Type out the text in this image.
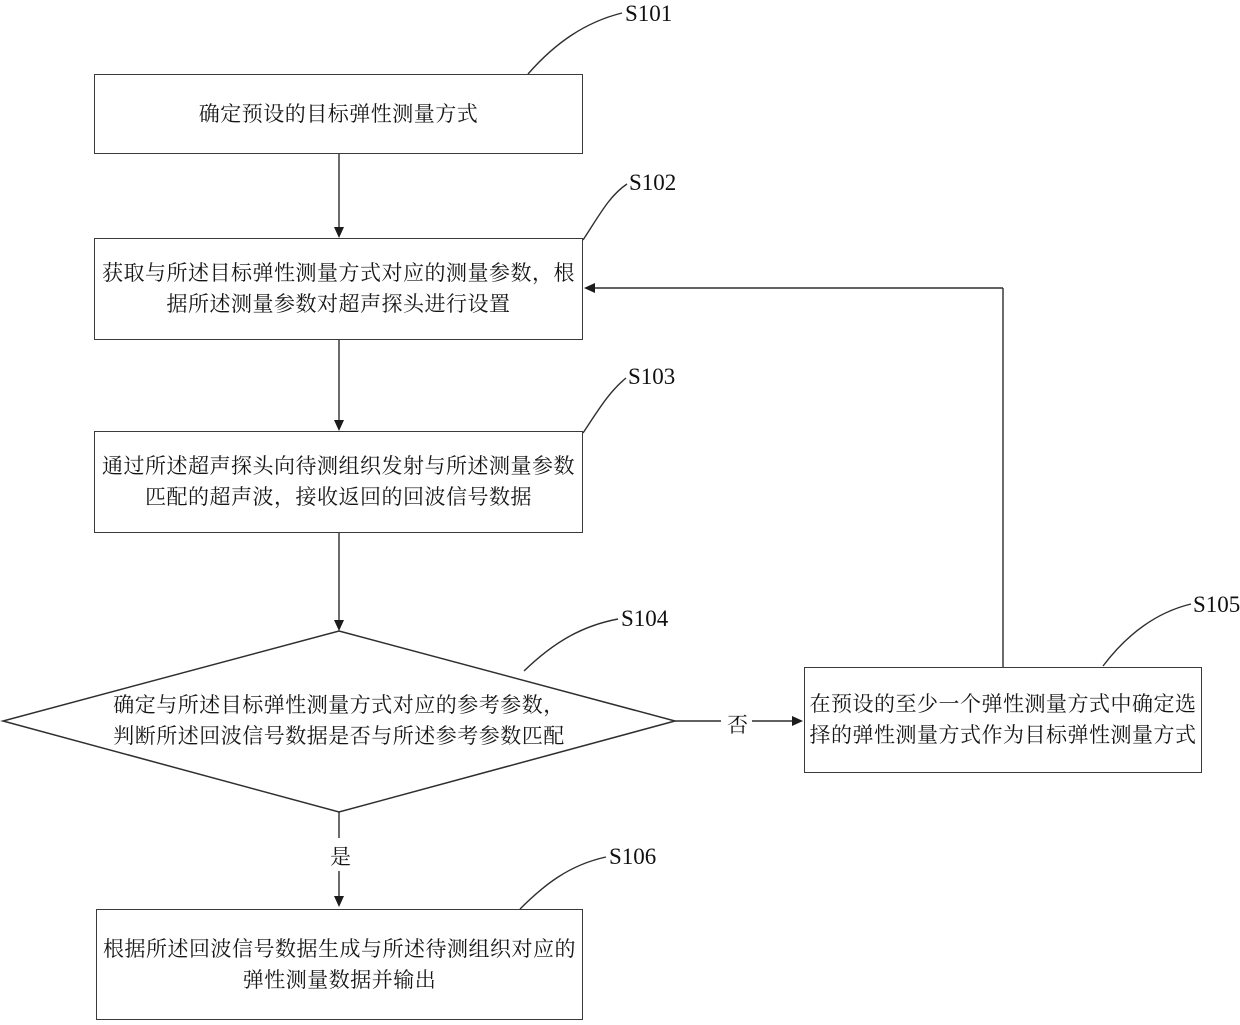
确定预设的目标弹性测量方式
获取与所述目标弹性测量方式对应的测量参数，根
据所述测量参数对超声探头进行设置
通过所述超声探头向待测组织发射与所述测量参数
匹配的超声波，接收返回的回波信号数据
确定与所述目标弹性测量方式对应的参考参数，
判断所述回波信号数据是否与所述参考参数匹配
在预设的至少一个弹性测量方式中确定选
择的弹性测量方式作为目标弹性测量方式
根据所述回波信号数据生成与所述待测组织对应的
弹性测量数据并输出
S101
S102
S103
S104
S105
S106
否
是
